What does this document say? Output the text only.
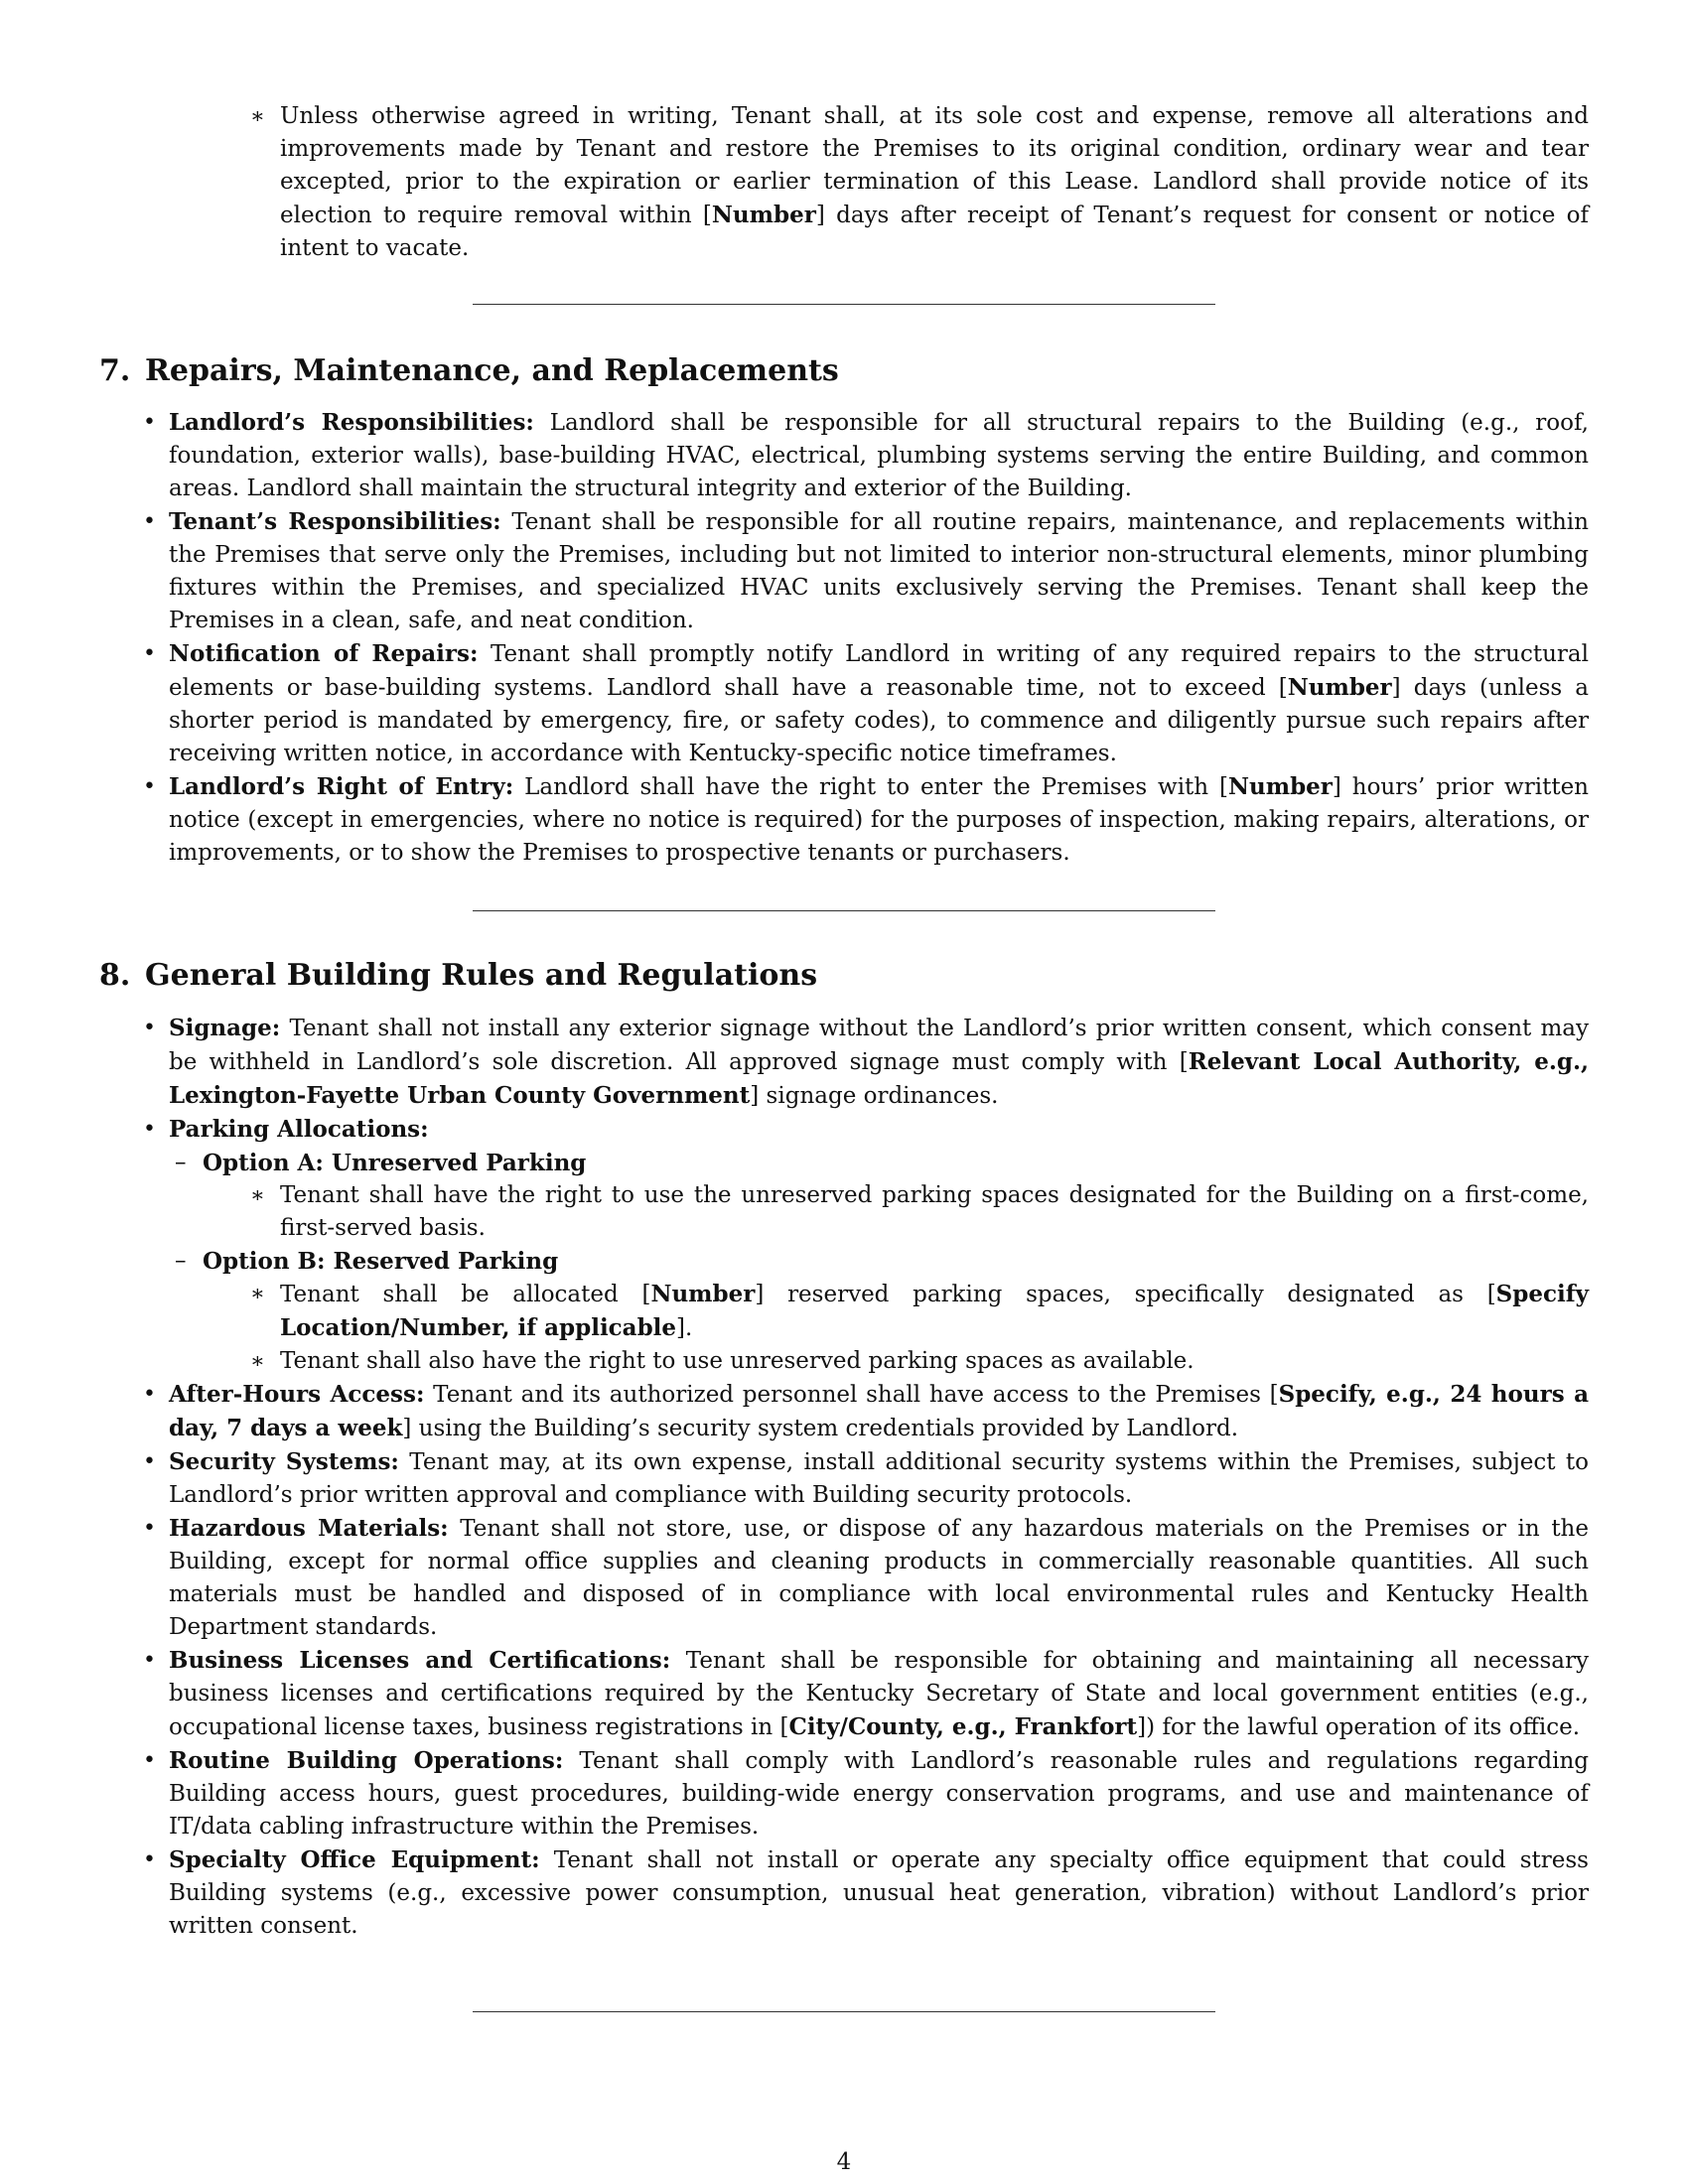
∗ Unless otherwise agreed in writing, Tenant shall, at its sole cost and expense, remove all alterations and improvements made by Tenant and restore the Premises to its original condition, ordinary wear and tear excepted, prior to the expiration or earlier termination of this Lease. Landlord shall provide notice of its election to require removal within [Number] days after receipt of Tenant’s request for consent or notice of intent to vacate.

7. Repairs, Maintenance, and Replacements
• Landlord’s Responsibilities: Landlord shall be responsible for all structural repairs to the Building (e.g., roof, foundation, exterior walls), base-building HVAC, electrical, plumbing systems serving the entire Building, and common areas. Landlord shall maintain the structural integrity and exterior of the Building.
• Tenant’s Responsibilities: Tenant shall be responsible for all routine repairs, maintenance, and replacements within the Premises that serve only the Premises, including but not limited to interior non-structural elements, minor plumbing fixtures within the Premises, and specialized HVAC units exclusively serving the Premises. Tenant shall keep the Premises in a clean, safe, and neat condition.
• Notification of Repairs: Tenant shall promptly notify Landlord in writing of any required repairs to the structural elements or base-building systems. Landlord shall have a reasonable time, not to exceed [Number] days (unless a shorter period is mandated by emergency, fire, or safety codes), to commence and diligently pursue such repairs after receiving written notice, in accordance with Kentucky-specific notice timeframes.
• Landlord’s Right of Entry: Landlord shall have the right to enter the Premises with [Number] hours’ prior written notice (except in emergencies, where no notice is required) for the purposes of inspection, making repairs, alterations, or improvements, or to show the Premises to prospective tenants or purchasers.
8. General Building Rules and Regulations
• Signage: Tenant shall not install any exterior signage without the Landlord’s prior written consent, which consent may be withheld in Landlord’s sole discretion. All approved signage must comply with [Relevant Local Authority, e.g., Lexington-Fayette Urban County Government] signage ordinances.
• Parking Allocations:
– Option A: Unreserved Parking
∗ Tenant shall have the right to use the unreserved parking spaces designated for the Building on a first-come, first-served basis.
– Option B: Reserved Parking
∗ Tenant shall be allocated [Number] reserved parking spaces, specifically designated as [Specify Location/Number, if applicable].
∗ Tenant shall also have the right to use unreserved parking spaces as available.
• After-Hours Access: Tenant and its authorized personnel shall have access to the Premises [Specify, e.g., 24 hours a day, 7 days a week] using the Building’s security system credentials provided by Landlord.
• Security Systems: Tenant may, at its own expense, install additional security systems within the Premises, subject to Landlord’s prior written approval and compliance with Building security protocols.
• Hazardous Materials: Tenant shall not store, use, or dispose of any hazardous materials on the Premises or in the Building, except for normal office supplies and cleaning products in commercially reasonable quantities. All such materials must be handled and disposed of in compliance with local environmental rules and Kentucky Health Department standards.
• Business Licenses and Certifications: Tenant shall be responsible for obtaining and maintaining all necessary business licenses and certifications required by the Kentucky Secretary of State and local government entities (e.g., occupational license taxes, business registrations in [City/County, e.g., Frankfort]) for the lawful operation of its office.
• Routine Building Operations: Tenant shall comply with Landlord’s reasonable rules and regulations regarding Building access hours, guest procedures, building-wide energy conservation programs, and use and maintenance of IT/data cabling infrastructure within the Premises.
• Specialty Office Equipment: Tenant shall not install or operate any specialty office equipment that could stress Building systems (e.g., excessive power consumption, unusual heat generation, vibration) without Landlord’s prior written consent.
4
